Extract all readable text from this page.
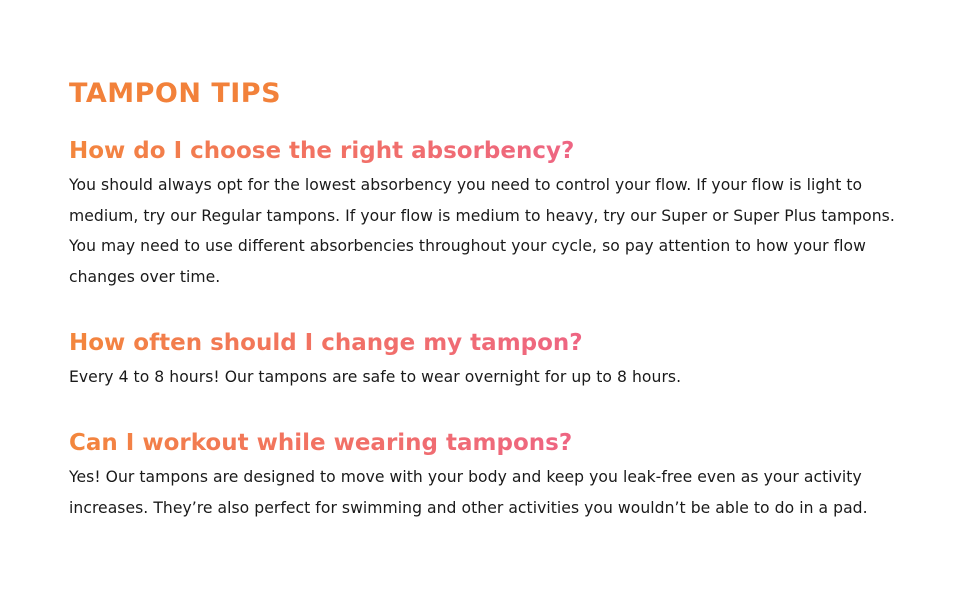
TAMPON TIPS
How do I choose the right absorbency?

You should always opt for the lowest absorbency you need to control your flow. If your flow is light to medium, try our Regular tampons. If your flow is medium to heavy, try our Super or Super Plus tampons. You may need to use different absorbencies throughout your cycle, so pay attention to how your flow changes over time.

How often should I change my tampon?

Every 4 to 8 hours! Our tampons are safe to wear overnight for up to 8 hours.

Can I workout while wearing tampons?

Yes! Our tampons are designed to move with your body and keep you leak-free even as your activity increases. They’re also perfect for swimming and other activities you wouldn’t be able to do in a pad.
